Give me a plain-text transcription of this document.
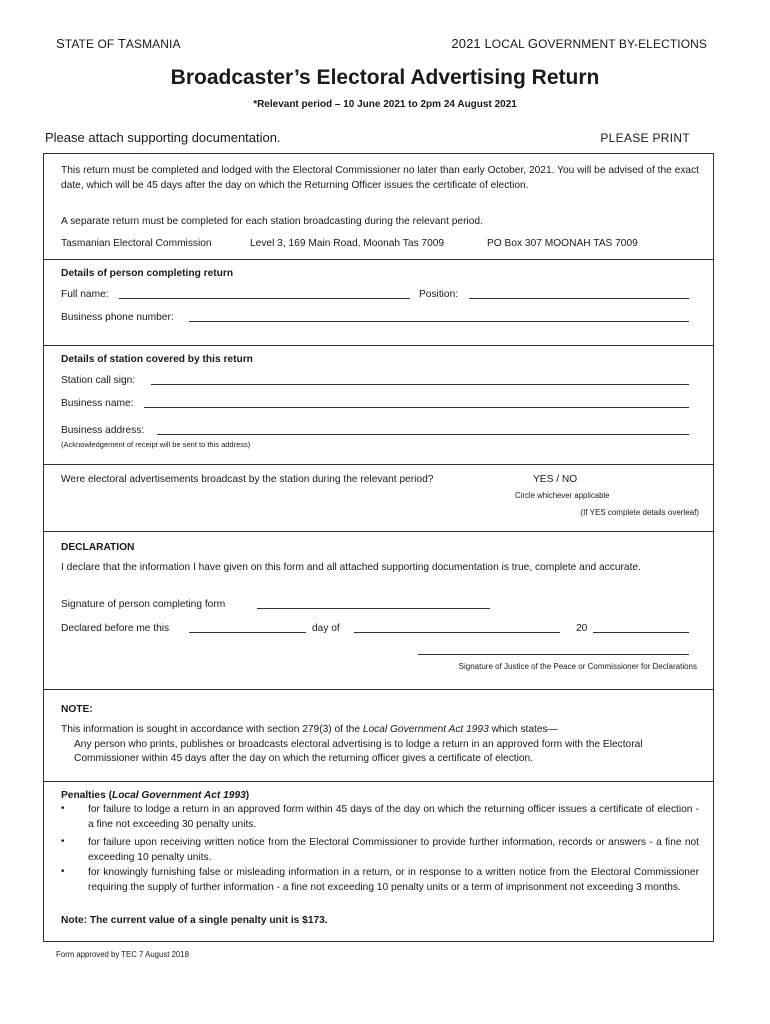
STATE OF TASMANIA	2021 LOCAL GOVERNMENT BY-ELECTIONS
Broadcaster’s Electoral Advertising Return
*Relevant period – 10 June 2021 to 2pm 24 August 2021
Please attach supporting documentation.	PLEASE PRINT
This return must be completed and lodged with the Electoral Commissioner no later than early October, 2021. You will be advised of the exact date, which will be 45 days after the day on which the Returning Officer issues the certificate of election.
A separate return must be completed for each station broadcasting during the relevant period.
Tasmanian Electoral Commission	Level 3, 169 Main Road, Moonah Tas 7009	PO Box 307 MOONAH TAS 7009
Details of person completing return
Full name:	Position:
Business phone number:
Details of station covered by this return
Station call sign:
Business name:
Business address:
(Acknowledgement of receipt will be sent to this address)
Were electoral advertisements broadcast by the station during the relevant period?	YES / NO
Circle whichever applicable
(If YES complete details overleaf)
DECLARATION
I declare that the information I have given on this form and all attached supporting documentation is true, complete and accurate.
Signature of person completing form
Declared before me this	day of	20
Signature of Justice of the Peace or Commissioner for Declarations
NOTE:
This information is sought in accordance with section 279(3) of the Local Government Act 1993 which states—
Any person who prints, publishes or broadcasts electoral advertising is to lodge a return in an approved form with the Electoral Commissioner within 45 days after the day on which the returning officer gives a certificate of election.
Penalties (Local Government Act 1993)
• for failure to lodge a return in an approved form within 45 days of the day on which the returning officer issues a certificate of election - a fine not exceeding 30 penalty units.
• for failure upon receiving written notice from the Electoral Commissioner to provide further information, records or answers - a fine not exceeding 10 penalty units.
• for knowingly furnishing false or misleading information in a return, or in response to a written notice from the Electoral Commissioner requiring the supply of further information - a fine not exceeding 10 penalty units or a term of imprisonment not exceeding 3 months.
Note: The current value of a single penalty unit is $173.
Form approved by TEC 7 August 2018
